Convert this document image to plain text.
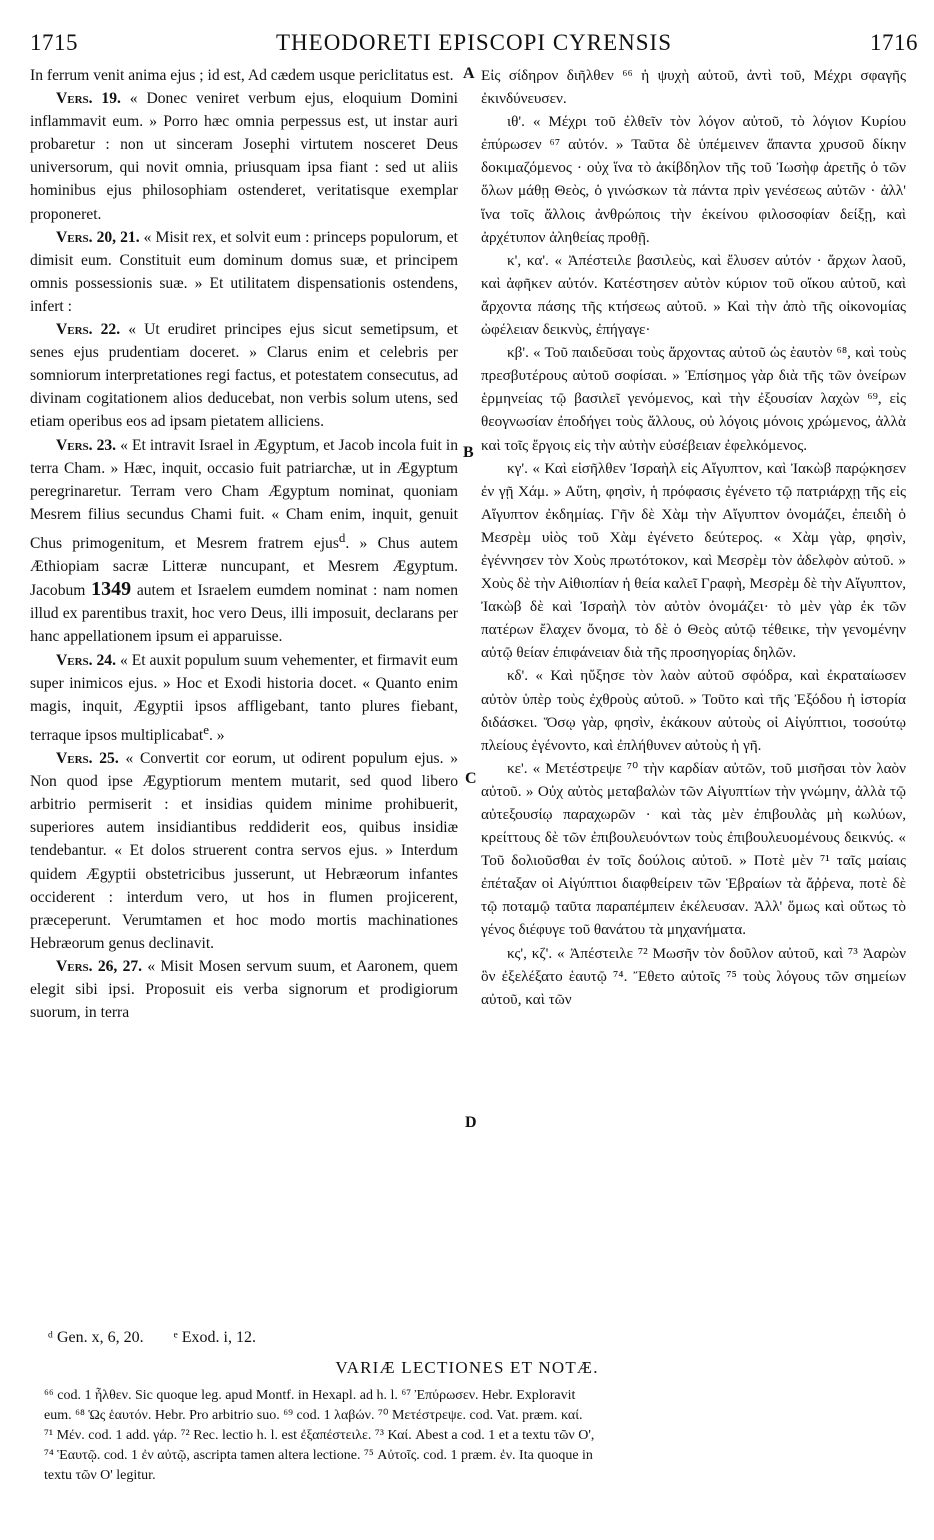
1715	THEODORETI EPISCOPI CYRENSIS	1716

In ferrum venit anima ejus ; id est, Ad cædem usque periclitatus est.

Vers. 19. « Donec veniret verbum ejus, eloquium Domini inflammavit eum. » Porro hæc omnia perpessus est, ut instar auri probaretur : non ut sinceram Josephi virtutem nosceret Deus universorum, qui novit omnia, priusquam ipsa fiant : sed ut aliis hominibus ejus philosophiam ostenderet, veritatisque exemplar proponeret.

Vers. 20, 21. « Misit rex, et solvit eum : princeps populorum, et dimisit eum. Constituit eum dominum domus suæ, et principem omnis possessionis suæ. » Et utilitatem dispensationis ostendens, infert :

Vers. 22. « Ut erudiret principes ejus sicut semetipsum, et senes ejus prudentiam doceret. » Clarus enim et celebris per somniorum interpretationes regi factus, et potestatem consecutus, ad divinam cogitationem alios deducebat, non verbis solum utens, sed etiam operibus eos ad ipsam pietatem alliciens.

Vers. 23. « Et intravit Israel in Ægyptum, et Jacob incola fuit in terra Cham. » Hæc, inquit, occasio fuit patriarchæ, ut in Ægyptum peregrinaretur. Terram vero Cham Ægyptum nominat, quoniam Mesrem filius secundus Chami fuit. « Cham enim, inquit, genuit Chus primogenitum, et Mesrem fratrem ejus$^d$. » Chus autem Æthiopiam sacræ Litteræ nuncupant, et Mesrem Ægyptum. Jacobum 1349 autem et Israelem eumdem nominat : nam nomen illud ex parentibus traxit, hoc vero Deus, illi imposuit, declarans per hanc appellationem ipsum ei apparuisse.

Vers. 24. « Et auxit populum suum vehementer, et firmavit eum super inimicos ejus. » Hoc et Exodi historia docet. « Quanto enim magis, inquit, Ægyptii ipsos affligebant, tanto plures fiebant, terraque ipsos multiplicabat$^e$. »

Vers. 25. « Convertit cor eorum, ut odirent populum ejus. » Non quod ipse Ægyptiorum mentem mutarit, sed quod libero arbitrio permiserit : et insidias quidem minime prohibuerit, superiores autem insidiantibus reddiderit eos, quibus insidiæ tendebantur. « Et dolos struerent contra servos ejus. » Interdum quidem Ægyptii obstetricibus jusserunt, ut Hebræorum infantes occiderent : interdum vero, ut hos in flumen projicerent, præceperunt. Verumtamen et hoc modo mortis machinationes Hebræorum genus declinavit.

Vers. 26, 27. « Misit Mosen servum suum, et Aaronem, quem elegit sibi ipsi. Proposuit eis verba signorum et prodigiorum suorum, in terra

A
B
C
D

Εἰς σίδηρον διῆλθεν ⁶⁶ ἡ ψυχὴ αὐτοῦ, ἀντὶ τοῦ, Μέχρι σφαγῆς ἐκινδύνευσεν.

ιθ'. « Μέχρι τοῦ ἐλθεῖν τὸν λόγον αὐτοῦ, τὸ λόγιον Κυρίου ἐπύρωσεν ⁶⁷ αὐτόν. » Ταῦτα δὲ ὑπέμεινεν ἅπαντα χρυσοῦ δίκην δοκιμαζόμενος · οὐχ ἵνα τὸ ἀκίβδηλον τῆς τοῦ Ἰωσὴφ ἀρετῆς ὁ τῶν ὅλων μάθῃ Θεὸς, ὁ γινώσκων τὰ πάντα πρὶν γενέσεως αὐτῶν · ἀλλ' ἵνα τοῖς ἄλλοις ἀνθρώποις τὴν ἐκείνου φιλοσοφίαν δείξῃ, καὶ ἀρχέτυπον ἀληθείας προθῇ.

κ', κα'. « Ἀπέστειλε βασιλεὺς, καὶ ἔλυσεν αὐτόν · ἄρχων λαοῦ, καὶ ἀφῆκεν αὐτόν. Κατέστησεν αὐτὸν κύριον τοῦ οἴκου αὐτοῦ, καὶ ἄρχοντα πάσης τῆς κτήσεως αὐτοῦ. » Καὶ τὴν ἀπὸ τῆς οἰκονομίας ὠφέλειαν δεικνὺς, ἐπήγαγε·

κβ'. « Τοῦ παιδεῦσαι τοὺς ἄρχοντας αὐτοῦ ὡς ἑαυτὸν ⁶⁸, καὶ τοὺς πρεσβυτέρους αὐτοῦ σοφίσαι. » Ἐπίσημος γὰρ διὰ τῆς τῶν ὀνείρων ἑρμηνείας τῷ βασιλεῖ γενόμενος, καὶ τὴν ἐξουσίαν λαχὼν ⁶⁹, εἰς θεογνωσίαν ἐποδήγει τοὺς ἄλλους, οὐ λόγοις μόνοις χρώμενος, ἀλλὰ καὶ τοῖς ἔργοις εἰς τὴν αὐτὴν εὐσέβειαν ἐφελκόμενος.

κγ'. « Καὶ εἰσῆλθεν Ἰσραὴλ εἰς Αἴγυπτον, καὶ Ἰακὼβ παρῴκησεν ἐν γῇ Χάμ. » Αὕτη, φησὶν, ἡ πρόφασις ἐγένετο τῷ πατριάρχῃ τῆς εἰς Αἴγυπτον ἐκδημίας. Γῆν δὲ Χὰμ τὴν Αἴγυπτον ὀνομάζει, ἐπειδὴ ὁ Μεσρὲμ υἱὸς τοῦ Χὰμ ἐγένετο δεύτερος. « Χὰμ γὰρ, φησὶν, ἐγέννησεν τὸν Χοὺς πρωτότοκον, καὶ Μεσρὲμ τὸν ἀδελφὸν αὐτοῦ. » Χοὺς δὲ τὴν Αἰθιοπίαν ἡ θεία καλεῖ Γραφὴ, Μεσρὲμ δὲ τὴν Αἴγυπτον, Ἰακὼβ δὲ καὶ Ἰσραὴλ τὸν αὐτὸν ὀνομάζει· τὸ μὲν γὰρ ἐκ τῶν πατέρων ἔλαχεν ὄνομα, τὸ δὲ ὁ Θεὸς αὐτῷ τέθεικε, τὴν γενομένην αὐτῷ θείαν ἐπιφάνειαν διὰ τῆς προσηγορίας δηλῶν.

κδ'. « Καὶ ηὔξησε τὸν λαὸν αὐτοῦ σφόδρα, καὶ ἐκραταίωσεν αὐτὸν ὑπὲρ τοὺς ἐχθροὺς αὐτοῦ. » Τοῦτο καὶ τῆς Ἐξόδου ἡ ἱστορία διδάσκει. Ὅσῳ γὰρ, φησὶν, ἐκάκουν αὐτοὺς οἱ Αἰγύπτιοι, τοσούτῳ πλείους ἐγένοντο, καὶ ἐπλήθυνεν αὐτοὺς ἡ γῆ.

κε'. « Μετέστρεψε ⁷⁰ τὴν καρδίαν αὐτῶν, τοῦ μισῆσαι τὸν λαὸν αὐτοῦ. » Οὐχ αὐτὸς μεταβαλὼν τῶν Αἰγυπτίων τὴν γνώμην, ἀλλὰ τῷ αὐτεξουσίῳ παραχωρῶν · καὶ τὰς μὲν ἐπιβουλὰς μὴ κωλύων, κρείττους δὲ τῶν ἐπιβουλευόντων τοὺς ἐπιβουλευομένους δεικνύς. « Τοῦ δολιοῦσθαι ἐν τοῖς δούλοις αὐτοῦ. » Ποτὲ μὲν ⁷¹ ταῖς μαίαις ἐπέταξαν οἱ Αἰγύπτιοι διαφθείρειν τῶν Ἑβραίων τὰ ἄῤῥενα, ποτὲ δὲ τῷ ποταμῷ ταῦτα παραπέμπειν ἐκέλευσαν. Ἀλλ' ὅμως καὶ οὕτως τὸ γένος διέφυγε τοῦ θανάτου τὰ μηχανήματα.

κς', κζ'. « Ἀπέστειλε ⁷² Μωσῆν τὸν δοῦλον αὐτοῦ, καὶ ⁷³ Ἀαρὼν ὃν ἐξελέξατο ἑαυτῷ ⁷⁴. Ἔθετο αὐτοῖς ⁷⁵ τοὺς λόγους τῶν σημείων αὐτοῦ, καὶ τῶν

ᵈ Gen. x, 6, 20. ᵉ Exod. i, 12.
VARIÆ LECTIONES ET NOTÆ.
⁶⁶ cod. 1 ἦλθεν. Sic quoque leg. apud Montf. in Hexapl. ad h. l. ⁶⁷ Ἐπύρωσεν. Hebr. Exploravit
eum. ⁶⁸ Ὡς ἑαυτόν. Hebr. Pro arbitrio suo. ⁶⁹ cod. 1 λαβών. ⁷⁰ Μετέστρεψε. cod. Vat. præm. καί.
⁷¹ Μέν. cod. 1 add. γάρ. ⁷² Rec. lectio h. l. est ἐξαπέστειλε. ⁷³ Καί. Abest a cod. 1 et a textu τῶν Ο',
⁷⁴ Ἑαυτῷ. cod. 1 ἐν αὐτῷ, ascripta tamen altera lectione. ⁷⁵ Αὐτοῖς. cod. 1 præm. ἐν. Ita quoque in
textu τῶν Ο' legitur.
